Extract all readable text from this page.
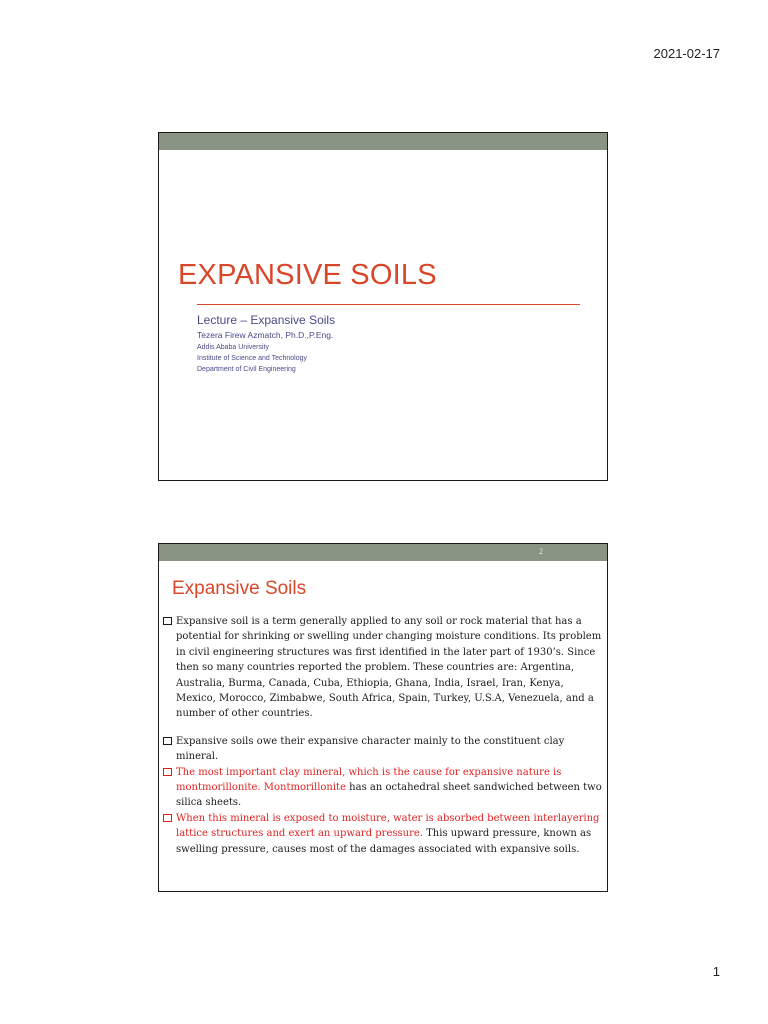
2021-02-17
EXPANSIVE SOILS
Lecture – Expansive Soils
Tezera Firew Azmatch, Ph.D.,P.Eng.
Addis Ababa University
Institute of Science and Technology
Department of Civil Engineering
2
Expansive Soils
Expansive soil is a term generally applied to any soil or rock material that has a potential for shrinking or swelling under changing moisture conditions. Its problem in civil engineering structures was first identified in the later part of 1930’s. Since then so many countries reported the problem. These countries are: Argentina, Australia, Burma, Canada, Cuba, Ethiopia, Ghana, India, Israel, Iran, Kenya, Mexico, Morocco, Zimbabwe, South Africa, Spain, Turkey, U.S.A, Venezuela, and a number of other countries.
Expansive soils owe their expansive character mainly to the constituent clay mineral.
The most important clay mineral, which is the cause for expansive nature is montmorillonite. Montmorillonite has an octahedral sheet sandwiched between two silica sheets.
When this mineral is exposed to moisture, water is absorbed between interlayering lattice structures and exert an upward pressure. This upward pressure, known as swelling pressure, causes most of the damages associated with expansive soils.
1
